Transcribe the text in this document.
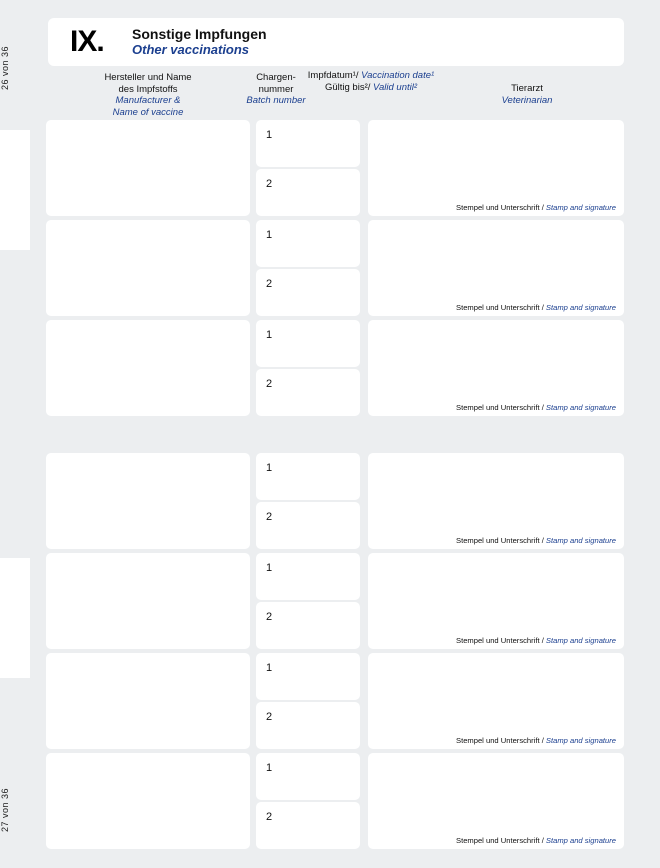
26 von 36
27 von 36
IX.	Sonstige Impfungen
Other vaccinations
Hersteller und Name
des Impfstoffs
Manufacturer &
Name of vaccine
Chargen-
nummer
Batch number
Impfdatum¹/ Vaccination date¹
Gültig bis²/ Valid until²	Tierarzt
Veterinarian
1
2
Stempel und Unterschrift / Stamp and signature
1
2
Stempel und Unterschrift / Stamp and signature
1
2
Stempel und Unterschrift / Stamp and signature
1
2
Stempel und Unterschrift / Stamp and signature
1
2
Stempel und Unterschrift / Stamp and signature
1
2
Stempel und Unterschrift / Stamp and signature
1
2
Stempel und Unterschrift / Stamp and signature
